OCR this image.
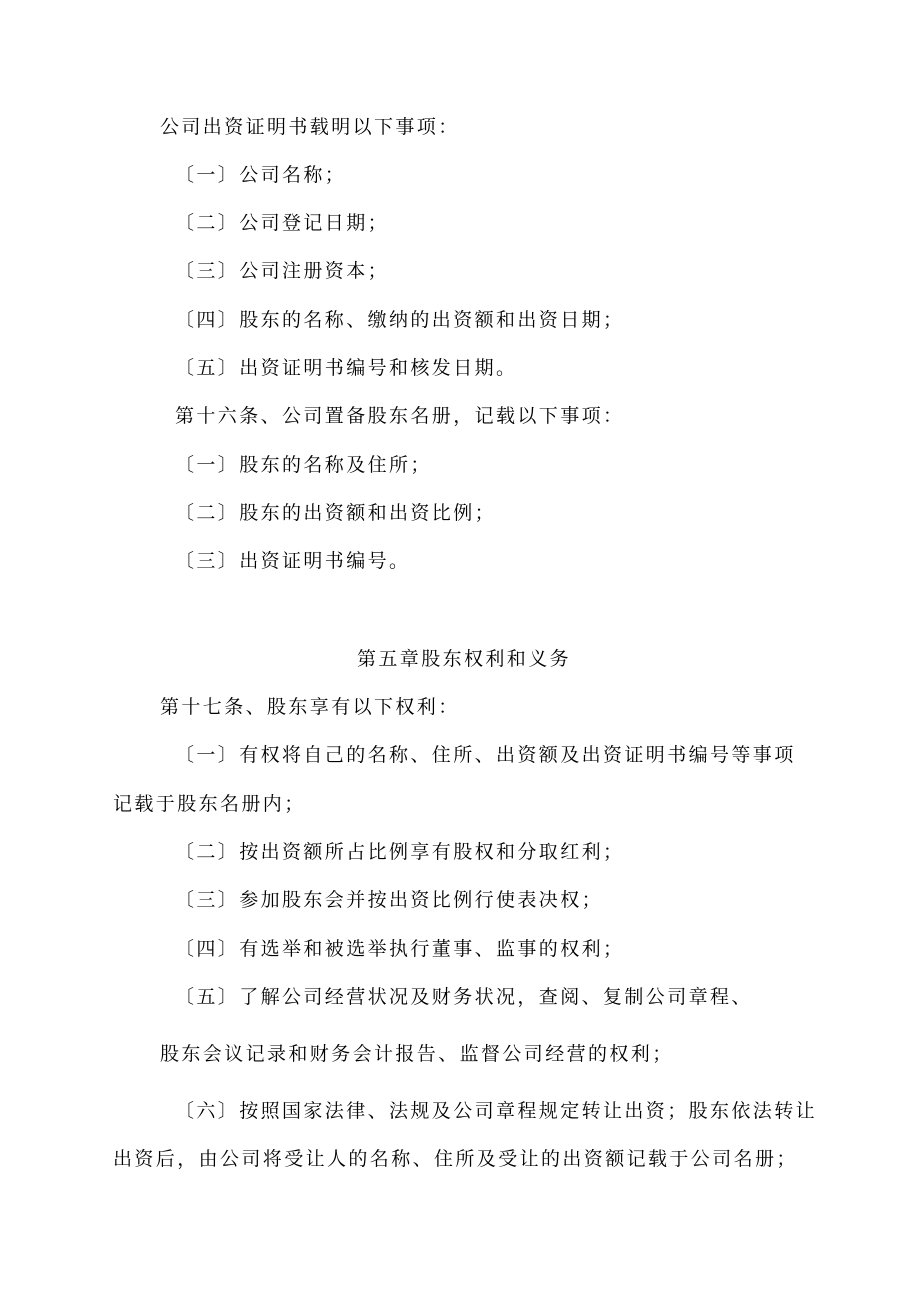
公司出资证明书载明以下事项：

〔一〕公司名称；

〔二〕公司登记日期；

〔三〕公司注册资本；

〔四〕股东的名称、缴纳的出资额和出资日期；

〔五〕出资证明书编号和核发日期。

第十六条、公司置备股东名册，记载以下事项：

〔一〕股东的名称及住所；

〔二〕股东的出资额和出资比例；

〔三〕出资证明书编号。

第五章股东权利和义务

第十七条、股东享有以下权利：

〔一〕有权将自己的名称、住所、出资额及出资证明书编号等事项

记载于股东名册内；

〔二〕按出资额所占比例享有股权和分取红利；

〔三〕参加股东会并按出资比例行使表决权；

〔四〕有选举和被选举执行董事、监事的权利；

〔五〕了解公司经营状况及财务状况，查阅、复制公司章程、

股东会议记录和财务会计报告、监督公司经营的权利；

〔六〕按照国家法律、法规及公司章程规定转让出资；股东依法转让

出资后，由公司将受让人的名称、住所及受让的出资额记载于公司名册；
